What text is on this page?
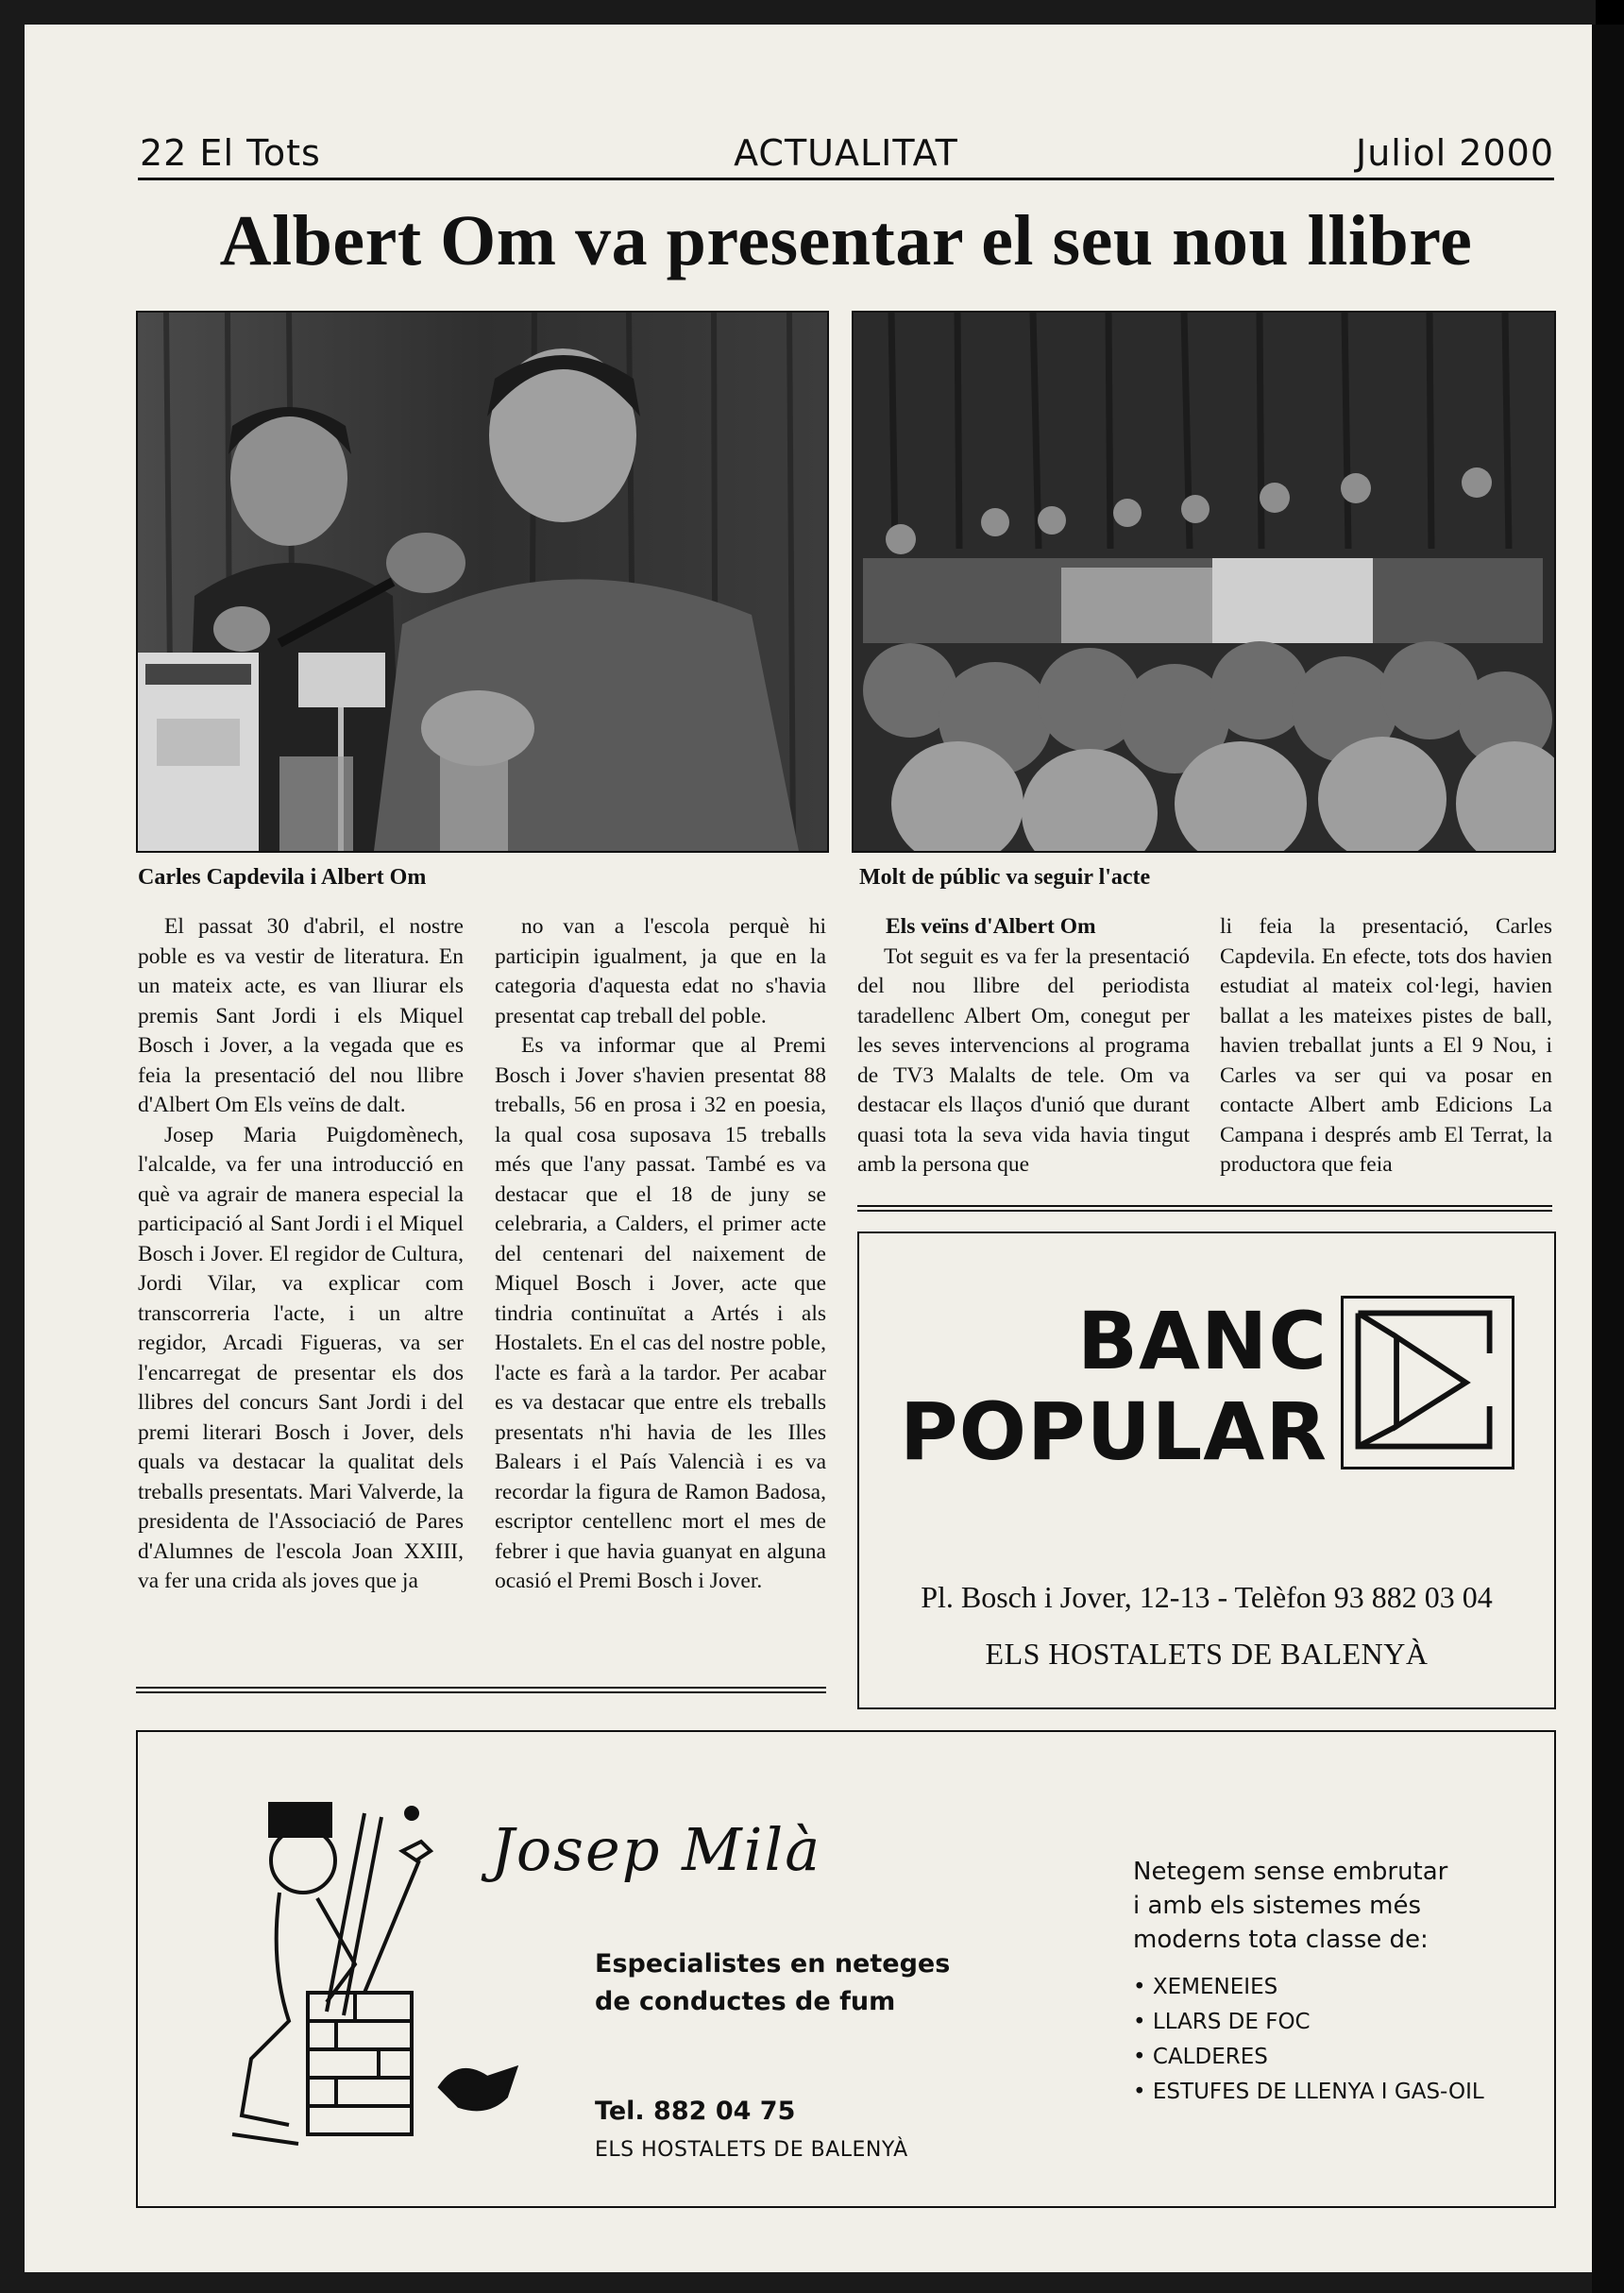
22 El Tots	ACTUALITAT	Juliol 2000
Albert Om va presentar el seu nou llibre
Carles Capdevila i Albert Om	Molt de públic va seguir l'acte

El passat 30 d'abril, el nostre poble es va vestir de literatura. En un mateix acte, es van lliurar els premis Sant Jordi i els Miquel Bosch i Jover, a la vegada que es feia la presentació del nou llibre d'Albert Om Els veïns de dalt.

Josep Maria Puigdomènech, l'alcalde, va fer una introducció en què va agrair de manera especial la participació al Sant Jordi i el Miquel Bosch i Jover. El regidor de Cultura, Jordi Vilar, va explicar com transcorreria l'acte, i un altre regidor, Arcadi Figueras, va ser l'encarregat de presentar els dos llibres del concurs Sant Jordi i del premi literari Bosch i Jover, dels quals va destacar la qualitat dels treballs presentats. Mari Valverde, la presidenta de l'Associació de Pares d'Alumnes de l'escola Joan XXIII, va fer una crida als joves que ja

no van a l'escola perquè hi participin igualment, ja que en la categoria d'aquesta edat no s'havia presentat cap treball del poble.

Es va informar que al Premi Bosch i Jover s'havien presentat 88 treballs, 56 en prosa i 32 en poesia, la qual cosa suposava 15 treballs més que l'any passat. També es va destacar que el 18 de juny se celebraria, a Calders, el primer acte del centenari del naixement de Miquel Bosch i Jover, acte que tindria continuïtat a Artés i als Hostalets. En el cas del nostre poble, l'acte es farà a la tardor. Per acabar es va destacar que entre els treballs presentats n'hi havia de les Illes Balears i el País Valencià i es va recordar la figura de Ramon Badosa, escriptor centellenc mort el mes de febrer i que havia guanyat en alguna ocasió el Premi Bosch i Jover.

Els veïns d'Albert Om

Tot seguit es va fer la presentació del nou llibre del periodista taradellenc Albert Om, conegut per les seves intervencions al programa de TV3 Malalts de tele. Om va destacar els llaços d'unió que durant quasi tota la seva vida havia tingut amb la persona que

li feia la presentació, Carles Capdevila. En efecte, tots dos havien estudiat al mateix col·legi, havien ballat a les mateixes pistes de ball, havien treballat junts a El 9 Nou, i Carles va ser qui va posar en contacte Albert amb Edicions La Campana i després amb El Terrat, la productora que feia

BANC
POPULAR
Pl. Bosch i Jover, 12-13 - Telèfon 93 882 03 04
ELS HOSTALETS DE BALENYÀ
Josep Milà
Especialistes en neteges
de conductes de fum
Tel. 882 04 75
ELS HOSTALETS DE BALENYÀ
Netegem sense embrutar
i amb els sistemes més
moderns tota classe de:
• XEMENEIES
• LLARS DE FOC
• CALDERES
• ESTUFES DE LLENYA I GAS-OIL
